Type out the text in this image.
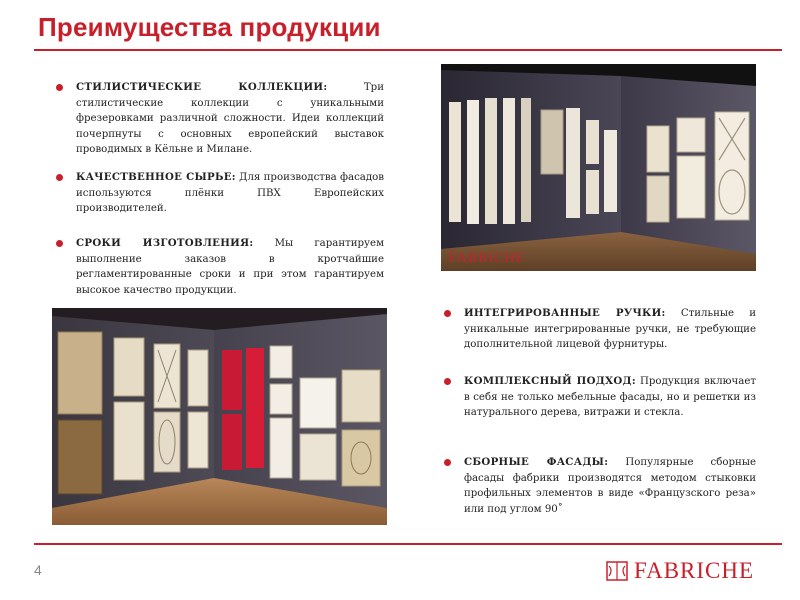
Преимущества продукции

СТИЛИСТИЧЕСКИЕ КОЛЛЕКЦИИ:	Три стилистические коллекции с уникальными фрезеровками различной сложности. Идеи коллекций почерпнуты с основных европейский выставок проводимых в Кёльне и Милане.

КАЧЕСТВЕННОЕ СЫРЬЕ: Для производства фасадов используются плёнки ПВХ Европейских производителей.

СРОКИ ИЗГОТОВЛЕНИЯ: Мы гарантируем выполнение заказов в кротчайшие регламентированные сроки и при этом гарантируем высокое качество продукции.

ИНТЕГРИРОВАННЫЕ РУЧКИ: Стильные и уникальные интегрированные ручки, не требующие дополнительной лицевой фурнитуры.

КОМПЛЕКСНЫЙ ПОДХОД: Продукция включает в себя не только мебельные фасады, но и решетки из натурального дерева, витражи и стекла.

СБОРНЫЕ ФАСАДЫ: Популярные сборные фасады фабрики производятся методом стыковки профильных элементов в виде «Французского реза» или под углом 90˚

FABRICHE
4	FABRICHE
